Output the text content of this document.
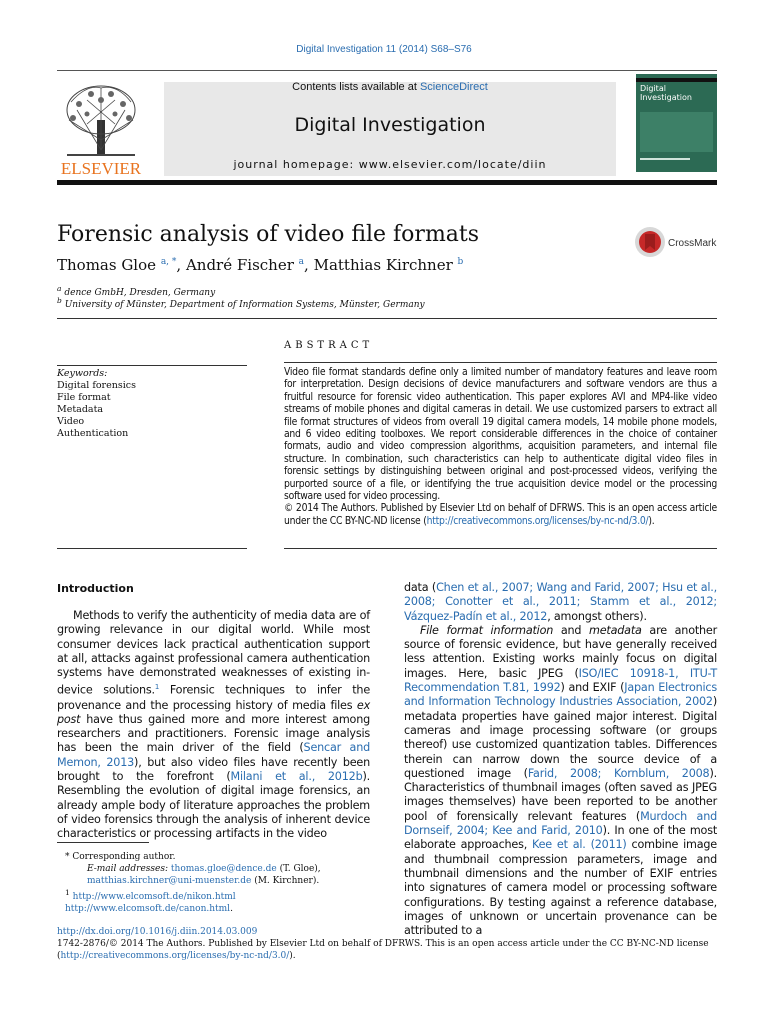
Digital Investigation 11 (2014) S68–S76
ELSEVIER
Contents lists available at ScienceDirect
Digital Investigation
journal homepage: www.elsevier.com/locate/diin
Digital
Investigation
Forensic analysis of video file formats	CrossMark
Thomas Gloe $^{a, *}$, André Fischer $^a$, Matthias Kirchner $^b$
$^a$ dence GmbH, Dresden, Germany
$^b$ University of Münster, Department of Information Systems, Münster, Germany
Keywords:
Digital forensics
File format
Metadata
Video
Authentication
ABSTRACT
Video file format standards define only a limited number of mandatory features and leave room for interpretation. Design decisions of device manufacturers and software vendors are thus a fruitful resource for forensic video authentication. This paper explores AVI and MP4-like video streams of mobile phones and digital cameras in detail. We use customized parsers to extract all file format structures of videos from overall 19 digital camera models, 14 mobile phone models, and 6 video editing toolboxes. We report considerable differences in the choice of container formats, audio and video compression algorithms, acquisition parameters, and internal file structure. In combination, such characteristics can help to authenticate digital video files in forensic settings by distinguishing between original and post-processed videos, verifying the purported source of a file, or identifying the true acquisition device model or the processing software used for video processing.
© 2014 The Authors. Published by Elsevier Ltd on behalf of DFRWS. This is an open access article under the CC BY-NC-ND license (http://creativecommons.org/licenses/by-nc-nd/3.0/).
Introduction
Methods to verify the authenticity of media data are of growing relevance in our digital world. While most consumer devices lack practical authentication support at all, attacks against professional camera authentication systems have demonstrated weaknesses of existing in-device solutions.$^1$ Forensic techniques to infer the provenance and the processing history of media files ex post have thus gained more and more interest among researchers and practitioners. Forensic image analysis has been the main driver of the field (Sencar and Memon, 2013), but also video files have recently been brought to the forefront (Milani et al., 2012b). Resembling the evolution of digital image forensics, an already ample body of literature approaches the problem of video forensics through the analysis of inherent device characteristics or processing artifacts in the video
data (Chen et al., 2007; Wang and Farid, 2007; Hsu et al., 2008; Conotter et al., 2011; Stamm et al., 2012; Vázquez-Padín et al., 2012, amongst others).
File format information and metadata are another source of forensic evidence, but have generally received less attention. Existing works mainly focus on digital images. Here, basic JPEG (ISO/IEC 10918-1, ITU-T Recommendation T.81, 1992) and EXIF (Japan Electronics and Information Technology Industries Association, 2002) metadata properties have gained major interest. Digital cameras and image processing software (or groups thereof) use customized quantization tables. Differences therein can narrow down the source device of a questioned image (Farid, 2008; Kornblum, 2008). Characteristics of thumbnail images (often saved as JPEG images themselves) have been reported to be another pool of forensically relevant features (Murdoch and Dornseif, 2004; Kee and Farid, 2010). In one of the most elaborate approaches, Kee et al. (2011) combine image and thumbnail compression parameters, image and thumbnail dimensions and the number of EXIF entries into signatures of camera model or processing software configurations. By testing against a reference database, images of unknown or uncertain provenance can be attributed to a
* Corresponding author.
E-mail addresses: thomas.gloe@dence.de (T. Gloe), matthias.kirchner@uni-muenster.de (M. Kirchner).
$^1$ http://www.elcomsoft.de/nikon.html   http://www.elcomsoft.de/canon.html.
http://dx.doi.org/10.1016/j.diin.2014.03.009
1742-2876/© 2014 The Authors. Published by Elsevier Ltd on behalf of DFRWS. This is an open access article under the CC BY-NC-ND license (http://creativecommons.org/licenses/by-nc-nd/3.0/).
